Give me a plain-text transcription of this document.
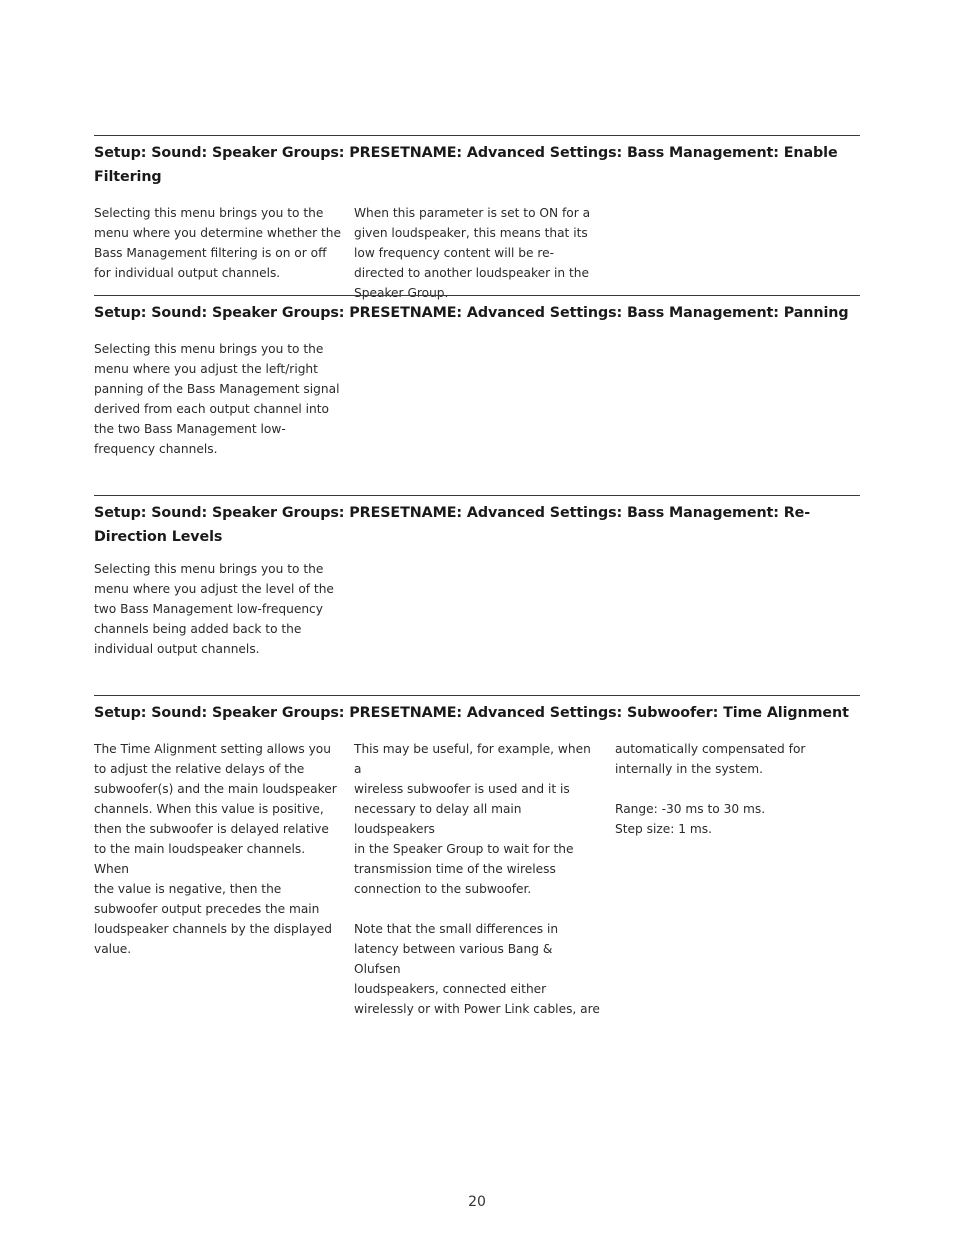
Setup: Sound: Speaker Groups: PRESETNAME: Advanced Settings: Bass Management: Enable Filtering
Selecting this menu brings you to the
menu where you determine whether the
Bass Management filtering is on or off
for individual output channels.
When this parameter is set to ON for a
given loudspeaker, this means that its
low frequency content will be re-
directed to another loudspeaker in the
Speaker Group.
Setup: Sound: Speaker Groups: PRESETNAME: Advanced Settings: Bass Management: Panning
Selecting this menu brings you to the
menu where you adjust the left/right
panning of the Bass Management signal
derived from each output channel into
the two Bass Management low-
frequency channels.
Setup: Sound: Speaker Groups: PRESETNAME: Advanced Settings: Bass Management: Re-Direction Levels
Selecting this menu brings you to the
menu where you adjust the level of the
two Bass Management low-frequency
channels being added back to the
individual output channels.
Setup: Sound: Speaker Groups: PRESETNAME: Advanced Settings: Subwoofer: Time Alignment
The Time Alignment setting allows you
to adjust the relative delays of the
subwoofer(s) and the main loudspeaker
channels. When this value is positive,
then the subwoofer is delayed relative
to the main loudspeaker channels. When
the value is negative, then the
subwoofer output precedes the main
loudspeaker channels by the displayed
value.
This may be useful, for example, when a
wireless subwoofer is used and it is
necessary to delay all main loudspeakers
in the Speaker Group to wait for the
transmission time of the wireless
connection to the subwoofer.

Note that the small differences in
latency between various Bang & Olufsen
loudspeakers, connected either
wirelessly or with Power Link cables, are
automatically compensated for
internally in the system.

Range: -30 ms to 30 ms.
Step size: 1 ms.
20
